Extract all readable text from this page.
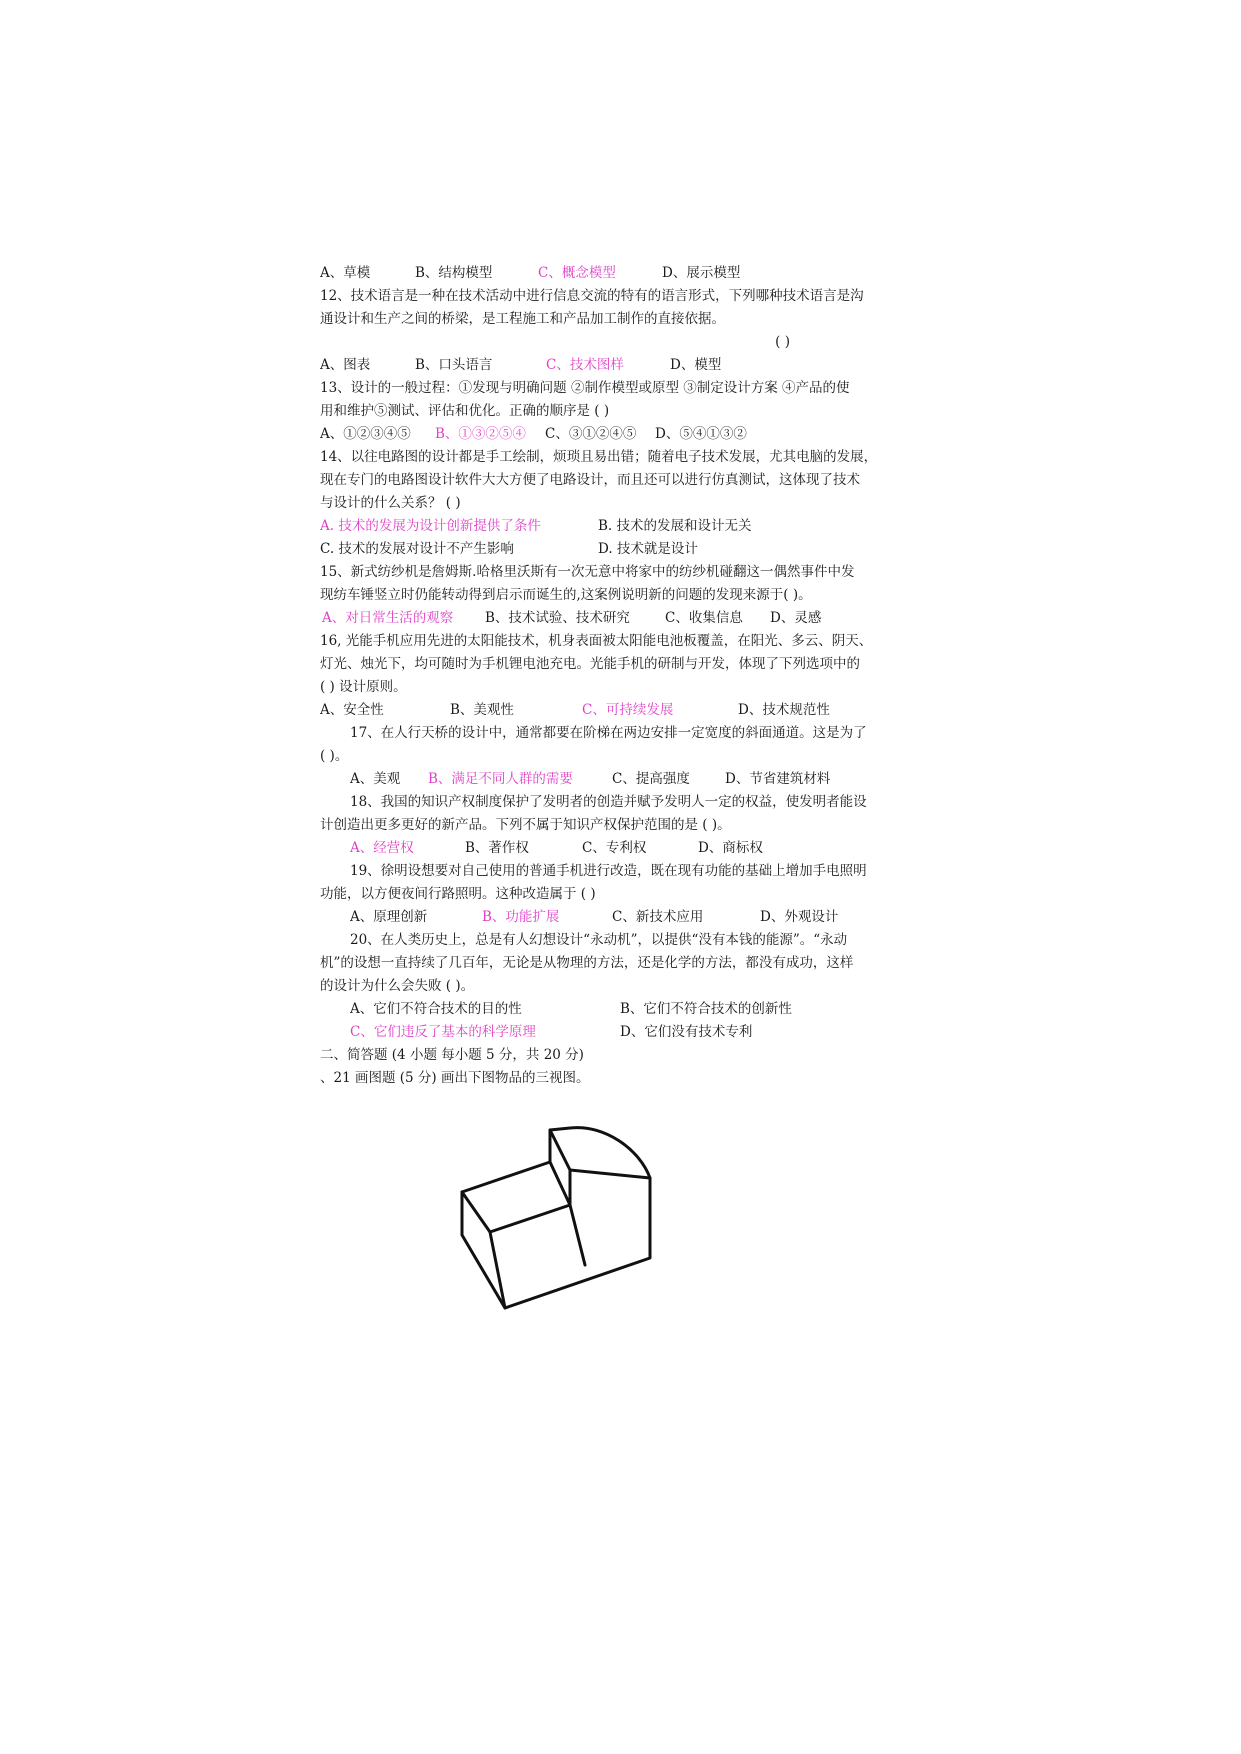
A、草模	B、结构模型	C、概念模型	D、展示模型
12、技术语言是一种在技术活动中进行信息交流的特有的语言形式，下列哪种技术语言是沟
通设计和生产之间的桥梁，是工程施工和产品加工制作的直接依据。
( )
A、图表	B、口头语言	C、技术图样	D、模型
13、设计的一般过程：①发现与明确问题 ②制作模型或原型 ③制定设计方案 ④产品的使
用和维护⑤测试、评估和优化。正确的顺序是 ( )
A、①②③④⑤ B、①③②⑤④ C、③①②④⑤ D、⑤④①③②
14、以往电路图的设计都是手工绘制，烦琐且易出错；随着电子技术发展，尤其电脑的发展，
现在专门的电路图设计软件大大方便了电路设计，而且还可以进行仿真测试，这体现了技术
与设计的什么关系？ ( )
A. 技术的发展为设计创新提供了条件	B. 技术的发展和设计无关
C. 技术的发展对设计不产生影响	D. 技术就是设计
15、新式纺纱机是詹姆斯.哈格里沃斯有一次无意中将家中的纺纱机碰翻这一偶然事件中发
现纺车锤竖立时仍能转动得到启示而诞生的,这案例说明新的问题的发现来源于( )。
A、对日常生活的观察 B、技术试验、技术研究	C、收集信息 D、灵感
16, 光能手机应用先进的太阳能技术，机身表面被太阳能电池板覆盖，在阳光、多云、阴天、
灯光、烛光下，均可随时为手机锂电池充电。光能手机的研制与开发，体现了下列选项中的
( ) 设计原则。
A、安全性	B、美观性	C、可持续发展	D、技术规范性
17、在人行天桥的设计中，通常都要在阶梯在两边安排一定宽度的斜面通道。这是为了
( )。
A、美观 B、满足不同人群的需要	C、提高强度	D、节省建筑材料
18、我国的知识产权制度保护了发明者的创造并赋予发明人一定的权益，使发明者能设
计创造出更多更好的新产品。下列不属于知识产权保护范围的是 ( )。
A、经营权	B、著作权	C、专利权	D、商标权
19、徐明设想要对自己使用的普通手机进行改造，既在现有功能的基础上增加手电照明
功能，以方便夜间行路照明。这种改造属于 ( )
A、原理创新	B、功能扩展	C、新技术应用	D、外观设计
20、在人类历史上，总是有人幻想设计“永动机”，以提供“没有本钱的能源”。“永动
机”的设想一直持续了几百年，无论是从物理的方法，还是化学的方法，都没有成功，这样
的设计为什么会失败 ( )。
A、它们不符合技术的目的性	B、它们不符合技术的创新性
C、它们违反了基本的科学原理	D、它们没有技术专利
二、简答题 (4 小题 每小题 5 分，共 20 分)
、21 画图题 (5 分) 画出下图物品的三视图。
